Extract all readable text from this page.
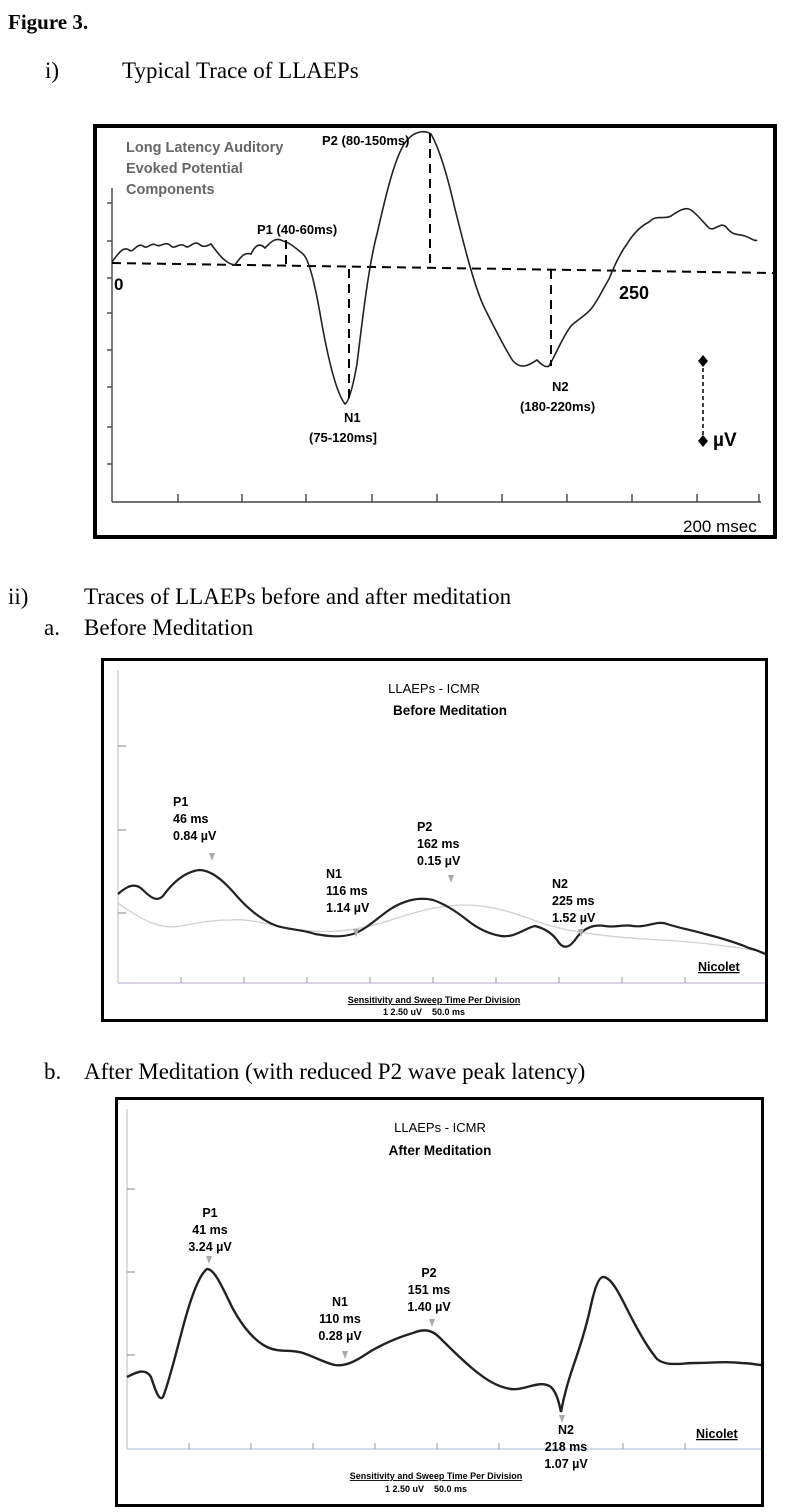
Figure 3.
i)	Typical Trace of LLAEPs
Long Latency Auditory
Evoked Potential
Components
P2 (80-150ms)
P1 (40-60ms)
N1
(75-120ms]
N2
(180-220ms)
0	250
µV
200 msec
ii) Traces of LLAEPs before and after meditation
a. Before Meditation
LLAEPs - ICMR
Before Meditation
P1
46 ms
0.84 µV
N1
116 ms
1.14 µV
P2
162 ms
0.15 µV
N2
225 ms
1.52 µV
Nicolet
Sensitivity and Sweep Time Per Division
1 2.50 uV    50.0 ms
b. After Meditation (with reduced P2 wave peak latency)
LLAEPs - ICMR
After Meditation
P1
41 ms
3.24 µV
N1
110 ms
0.28 µV
P2
151 ms
1.40 µV
N2
218 ms
1.07 µV
Nicolet
Sensitivity and Sweep Time Per Division
1 2.50 uV    50.0 ms
